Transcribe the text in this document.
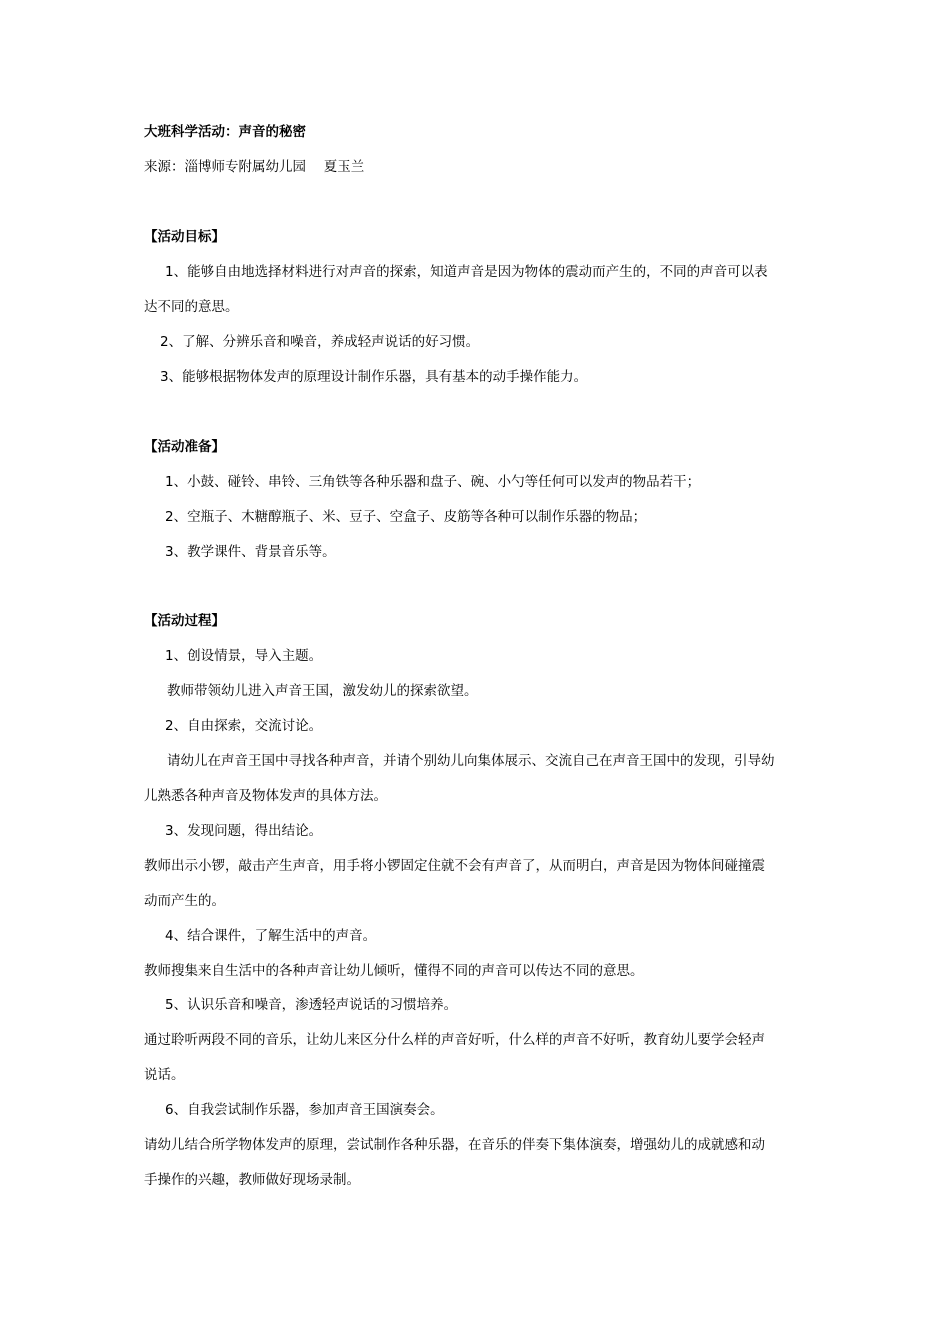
大班科学活动：声音的秘密
来源：淄博师专附属幼儿园　 夏玉兰
【活动目标】
1、能够自由地选择材料进行对声音的探索，知道声音是因为物体的震动而产生的，不同的声音可以表
达不同的意思。
2、了解、分辨乐音和噪音，养成轻声说话的好习惯。
3、能够根据物体发声的原理设计制作乐器，具有基本的动手操作能力。
【活动准备】
1、小鼓、碰铃、串铃、三角铁等各种乐器和盘子、碗、小勺等任何可以发声的物品若干；
2、空瓶子、木糖醇瓶子、米、豆子、空盒子、皮筋等各种可以制作乐器的物品；
3、教学课件、背景音乐等。
【活动过程】
1、创设情景，导入主题。
教师带领幼儿进入声音王国，激发幼儿的探索欲望。
2、自由探索，交流讨论。
请幼儿在声音王国中寻找各种声音，并请个别幼儿向集体展示、交流自己在声音王国中的发现，引导幼
儿熟悉各种声音及物体发声的具体方法。
3、发现问题，得出结论。
教师出示小锣，敲击产生声音，用手将小锣固定住就不会有声音了，从而明白，声音是因为物体间碰撞震
动而产生的。
4、结合课件，了解生活中的声音。
教师搜集来自生活中的各种声音让幼儿倾听，懂得不同的声音可以传达不同的意思。
5、认识乐音和噪音，渗透轻声说话的习惯培养。
通过聆听两段不同的音乐，让幼儿来区分什么样的声音好听，什么样的声音不好听，教育幼儿要学会轻声
说话。
6、自我尝试制作乐器，参加声音王国演奏会。
请幼儿结合所学物体发声的原理，尝试制作各种乐器，在音乐的伴奏下集体演奏，增强幼儿的成就感和动
手操作的兴趣，教师做好现场录制。
